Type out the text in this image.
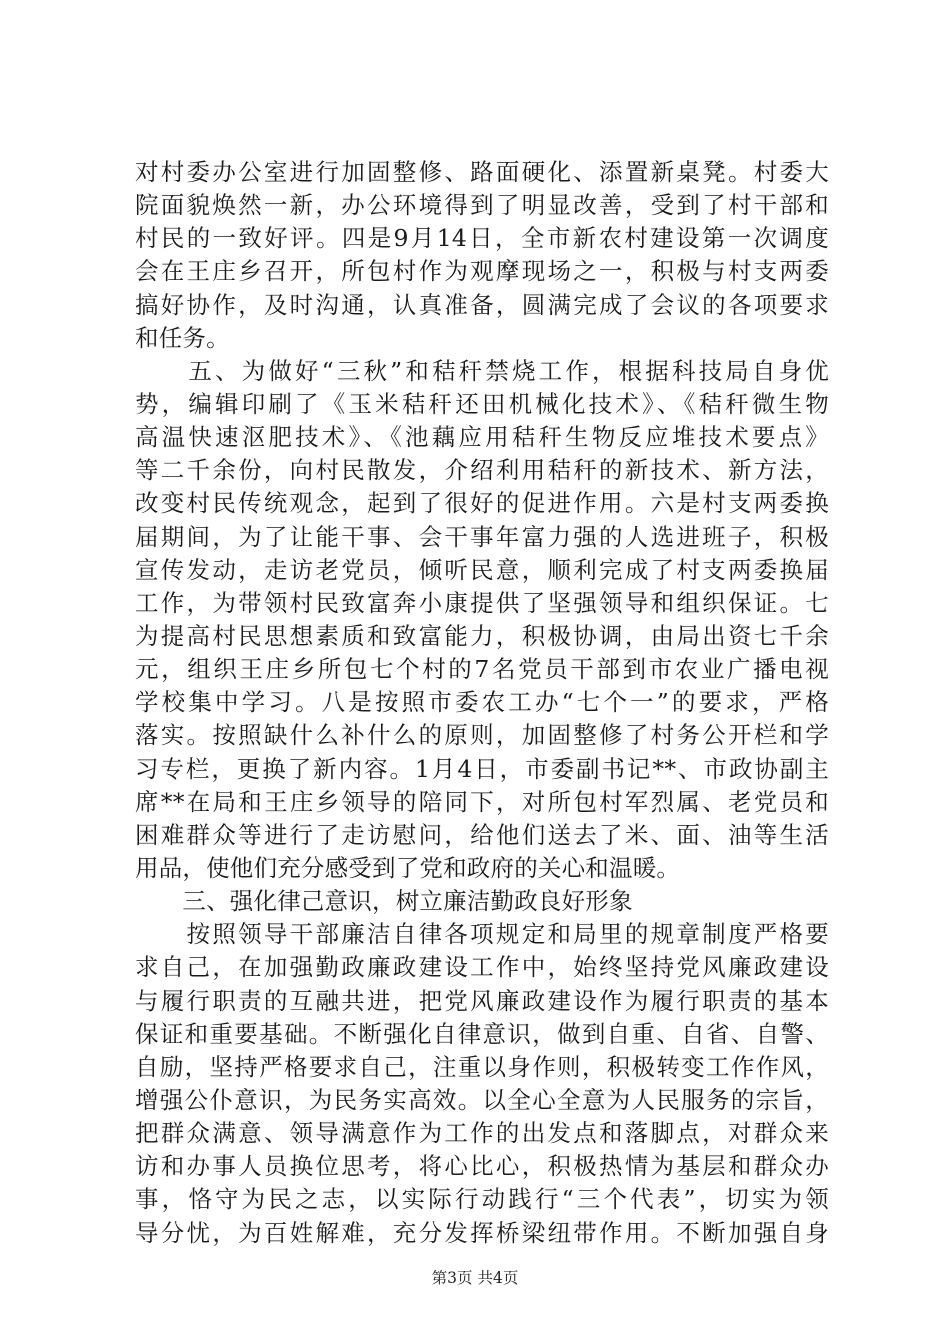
对村委办公室进行加固整修、路面硬化、添置新桌凳。村委大
院面貌焕然一新，办公环境得到了明显改善，受到了村干部和
村民的一致好评。四是9月14日，全市新农村建设第一次调度
会在王庄乡召开，所包村作为观摩现场之一，积极与村支两委
搞好协作，及时沟通，认真准备，圆满完成了会议的各项要求
和任务。
　　五、为做好“三秋”和秸秆禁烧工作，根据科技局自身优
势，编辑印刷了《玉米秸秆还田机械化技术》、《秸秆微生物
高温快速沤肥技术》、《池藕应用秸秆生物反应堆技术要点》
等二千余份，向村民散发，介绍利用秸秆的新技术、新方法，
改变村民传统观念，起到了很好的促进作用。六是村支两委换
届期间，为了让能干事、会干事年富力强的人选进班子，积极
宣传发动，走访老党员，倾听民意，顺利完成了村支两委换届
工作，为带领村民致富奔小康提供了坚强领导和组织保证。七
为提高村民思想素质和致富能力，积极协调，由局出资七千余
元，组织王庄乡所包七个村的7名党员干部到市农业广播电视
学校集中学习。八是按照市委农工办“七个一”的要求，严格
落实。按照缺什么补什么的原则，加固整修了村务公开栏和学
习专栏，更换了新内容。1月4日，市委副书记**、市政协副主
席**在局和王庄乡领导的陪同下，对所包村军烈属、老党员和
困难群众等进行了走访慰问，给他们送去了米、面、油等生活
用品，使他们充分感受到了党和政府的关心和温暖。
　　三、强化律己意识，树立廉洁勤政良好形象
　　按照领导干部廉洁自律各项规定和局里的规章制度严格要
求自己，在加强勤政廉政建设工作中，始终坚持党风廉政建设
与履行职责的互融共进，把党风廉政建设作为履行职责的基本
保证和重要基础。不断强化自律意识，做到自重、自省、自警、
自励，坚持严格要求自己，注重以身作则，积极转变工作作风，
增强公仆意识，为民务实高效。以全心全意为人民服务的宗旨，
把群众满意、领导满意作为工作的出发点和落脚点，对群众来
访和办事人员换位思考，将心比心，积极热情为基层和群众办
事，恪守为民之志，以实际行动践行“三个代表”，切实为领
导分忧，为百姓解难，充分发挥桥梁纽带作用。不断加强自身
第3页 共4页
